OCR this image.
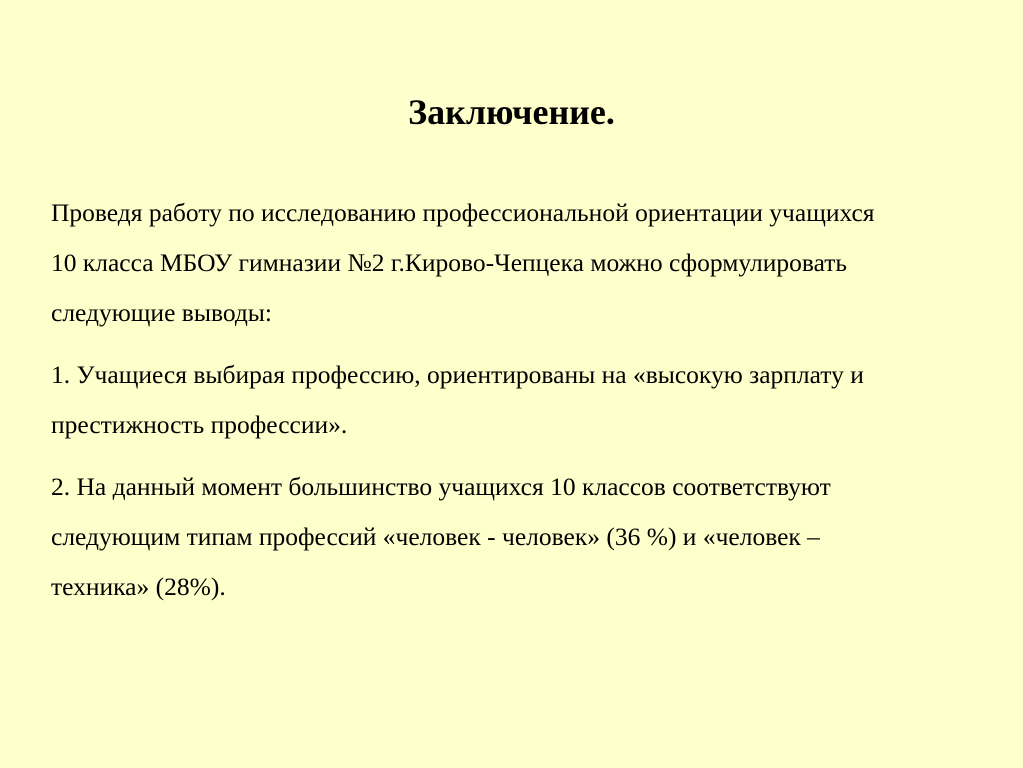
Заключение.

Проведя работу по исследованию профессиональной ориентации учащихся
10 класса МБОУ гимназии №2 г.Кирово-Чепцека можно сформулировать
следующие выводы:

1. Учащиеся выбирая профессию, ориентированы на «высокую зарплату и
престижность профессии».

2. На данный момент большинство учащихся 10 классов соответствуют
следующим типам профессий «человек - человек» (36 %) и «человек –
техника» (28%).
